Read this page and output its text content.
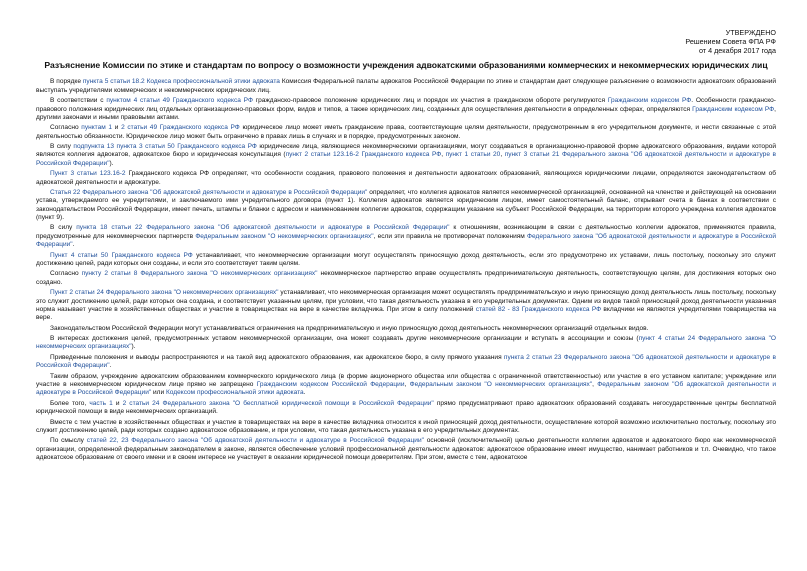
УТВЕРЖДЕНО
Решением Совета ФПА РФ
от 4 декабря 2017 года
Разъяснение Комиссии по этике и стандартам по вопросу о возможности учреждения адвокатскими образованиями коммерческих и некоммерческих юридических лиц

В порядке пункта 5 статьи 18.2 Кодекса профессиональной этики адвоката Комиссия Федеральной палаты адвокатов Российской Федерации по этике и стандартам дает следующее разъяснение о возможности адвокатских образований выступать учредителями коммерческих и некоммерческих юридических лиц.

В соответствии с пунктом 4 статьи 49 Гражданского кодекса РФ гражданско-правовое положение юридических лиц и порядок их участия в гражданском обороте регулируются Гражданским кодексом РФ. Особенности гражданско-правового положения юридических лиц отдельных организационно-правовых форм, видов и типов, а также юридических лиц, созданных для осуществления деятельности в определенных сферах, определяются Гражданским кодексом РФ, другими законами и иными правовыми актами.

Согласно пунктам 1 и 2 статьи 49 Гражданского кодекса РФ юридическое лицо может иметь гражданские права, соответствующие целям деятельности, предусмотренным в его учредительном документе, и нести связанные с этой деятельностью обязанности. Юридическое лицо может быть ограничено в правах лишь в случаях и в порядке, предусмотренных законом.

В силу подпункта 13 пункта 3 статьи 50 Гражданского кодекса РФ юридические лица, являющиеся некоммерческими организациями, могут создаваться в организационно-правовой форме адвокатского образования, видами которой являются коллегия адвокатов, адвокатское бюро и юридическая консультация (пункт 2 статьи 123.16-2 Гражданского кодекса РФ, пункт 1 статьи 20, пункт 3 статьи 21 Федерального закона "Об адвокатской деятельности и адвокатуре в Российской Федерации").

Пункт 3 статьи 123.16-2 Гражданского кодекса РФ определяет, что особенности создания, правового положения и деятельности адвокатских образований, являющихся юридическими лицами, определяются законодательством об адвокатской деятельности и адвокатуре.

Статья 22 Федерального закона "Об адвокатской деятельности и адвокатуре в Российской Федерации" определяет, что коллегия адвокатов является некоммерческой организацией, основанной на членстве и действующей на основании устава, утверждаемого ее учредителями, и заключаемого ими учредительного договора (пункт 1). Коллегия адвокатов является юридическим лицом, имеет самостоятельный баланс, открывает счета в банках в соответствии с законодательством Российской Федерации, имеет печать, штампы и бланки с адресом и наименованием коллегии адвокатов, содержащим указание на субъект Российской Федерации, на территории которого учреждена коллегия адвокатов (пункт 9).

В силу пункта 18 статьи 22 Федерального закона "Об адвокатской деятельности и адвокатуре в Российской Федерации" к отношениям, возникающим в связи с деятельностью коллегии адвокатов, применяются правила, предусмотренные для некоммерческих партнерств Федеральным законом "О некоммерческих организациях", если эти правила не противоречат положениям Федерального закона "Об адвокатской деятельности и адвокатуре в Российской Федерации".

Пункт 4 статьи 50 Гражданского кодекса РФ устанавливает, что некоммерческие организации могут осуществлять приносящую доход деятельность, если это предусмотрено их уставами, лишь постольку, поскольку это служит достижению целей, ради которых они созданы, и если это соответствует таким целям.

Согласно пункту 2 статьи 8 Федерального закона "О некоммерческих организациях" некоммерческое партнерство вправе осуществлять предпринимательскую деятельность, соответствующую целям, для достижения которых оно создано.

Пункт 2 статьи 24 Федерального закона "О некоммерческих организациях" устанавливает, что некоммерческая организация может осуществлять предпринимательскую и иную приносящую доход деятельность лишь постольку, поскольку это служит достижению целей, ради которых она создана, и соответствует указанным целям, при условии, что такая деятельность указана в его учредительных документах. Одним из видов такой приносящей доход деятельности указанная норма называет участие в хозяйственных обществах и участие в товариществах на вере в качестве вкладчика. При этом в силу положений статей 82 - 83 Гражданского кодекса РФ вкладчики не являются учредителями товарищества на вере.

Законодательством Российской Федерации могут устанавливаться ограничения на предпринимательскую и иную приносящую доход деятельность некоммерческих организаций отдельных видов.

В интересах достижения целей, предусмотренных уставом некоммерческой организации, она может создавать другие некоммерческие организации и вступать в ассоциации и союзы (пункт 4 статьи 24 Федерального закона "О некоммерческих организациях").

Приведенные положения и выводы распространяются и на такой вид адвокатского образования, как адвокатское бюро, в силу прямого указания пункта 2 статьи 23 Федерального закона "Об адвокатской деятельности и адвокатуре в Российской Федерации".

Таким образом, учреждение адвокатским образованием коммерческого юридического лица (в форме акционерного общества или общества с ограниченной ответственностью) или участие в его уставном капитале; учреждение или участие в некоммерческом юридическом лице прямо не запрещено Гражданским кодексом Российской Федерации, Федеральным законом "О некоммерческих организациях", Федеральным законом "Об адвокатской деятельности и адвокатуре в Российской Федерации" или Кодексом профессиональной этики адвоката.

Более того, часть 1 и 2 статьи 24 Федерального закона "О бесплатной юридической помощи в Российской Федерации" прямо предусматривают право адвокатских образований создавать негосударственные центры бесплатной юридической помощи в виде некоммерческих организаций.

Вместе с тем участие в хозяйственных обществах и участие в товариществах на вере в качестве вкладчика относится к иной приносящей доход деятельности, осуществление которой возможно исключительно постольку, поскольку это служит достижению целей, ради которых создано адвокатское образование, и при условии, что такая деятельность указана в его учредительных документах.

По смыслу статей 22, 23 Федерального закона "Об адвокатской деятельности и адвокатуре в Российской Федерации" основной (исключительной) целью деятельности коллегии адвокатов и адвокатского бюро как некоммерческой организации, определенной федеральным законодателем в законе, является обеспечение условий профессиональной деятельности адвокатов: адвокатское образование имеет имущество, нанимает работников и т.п. Очевидно, что такое адвокатское образование от своего имени и в своем интересе не участвует в оказании юридической помощи доверителям. При этом, вместе с тем, адвокатское
